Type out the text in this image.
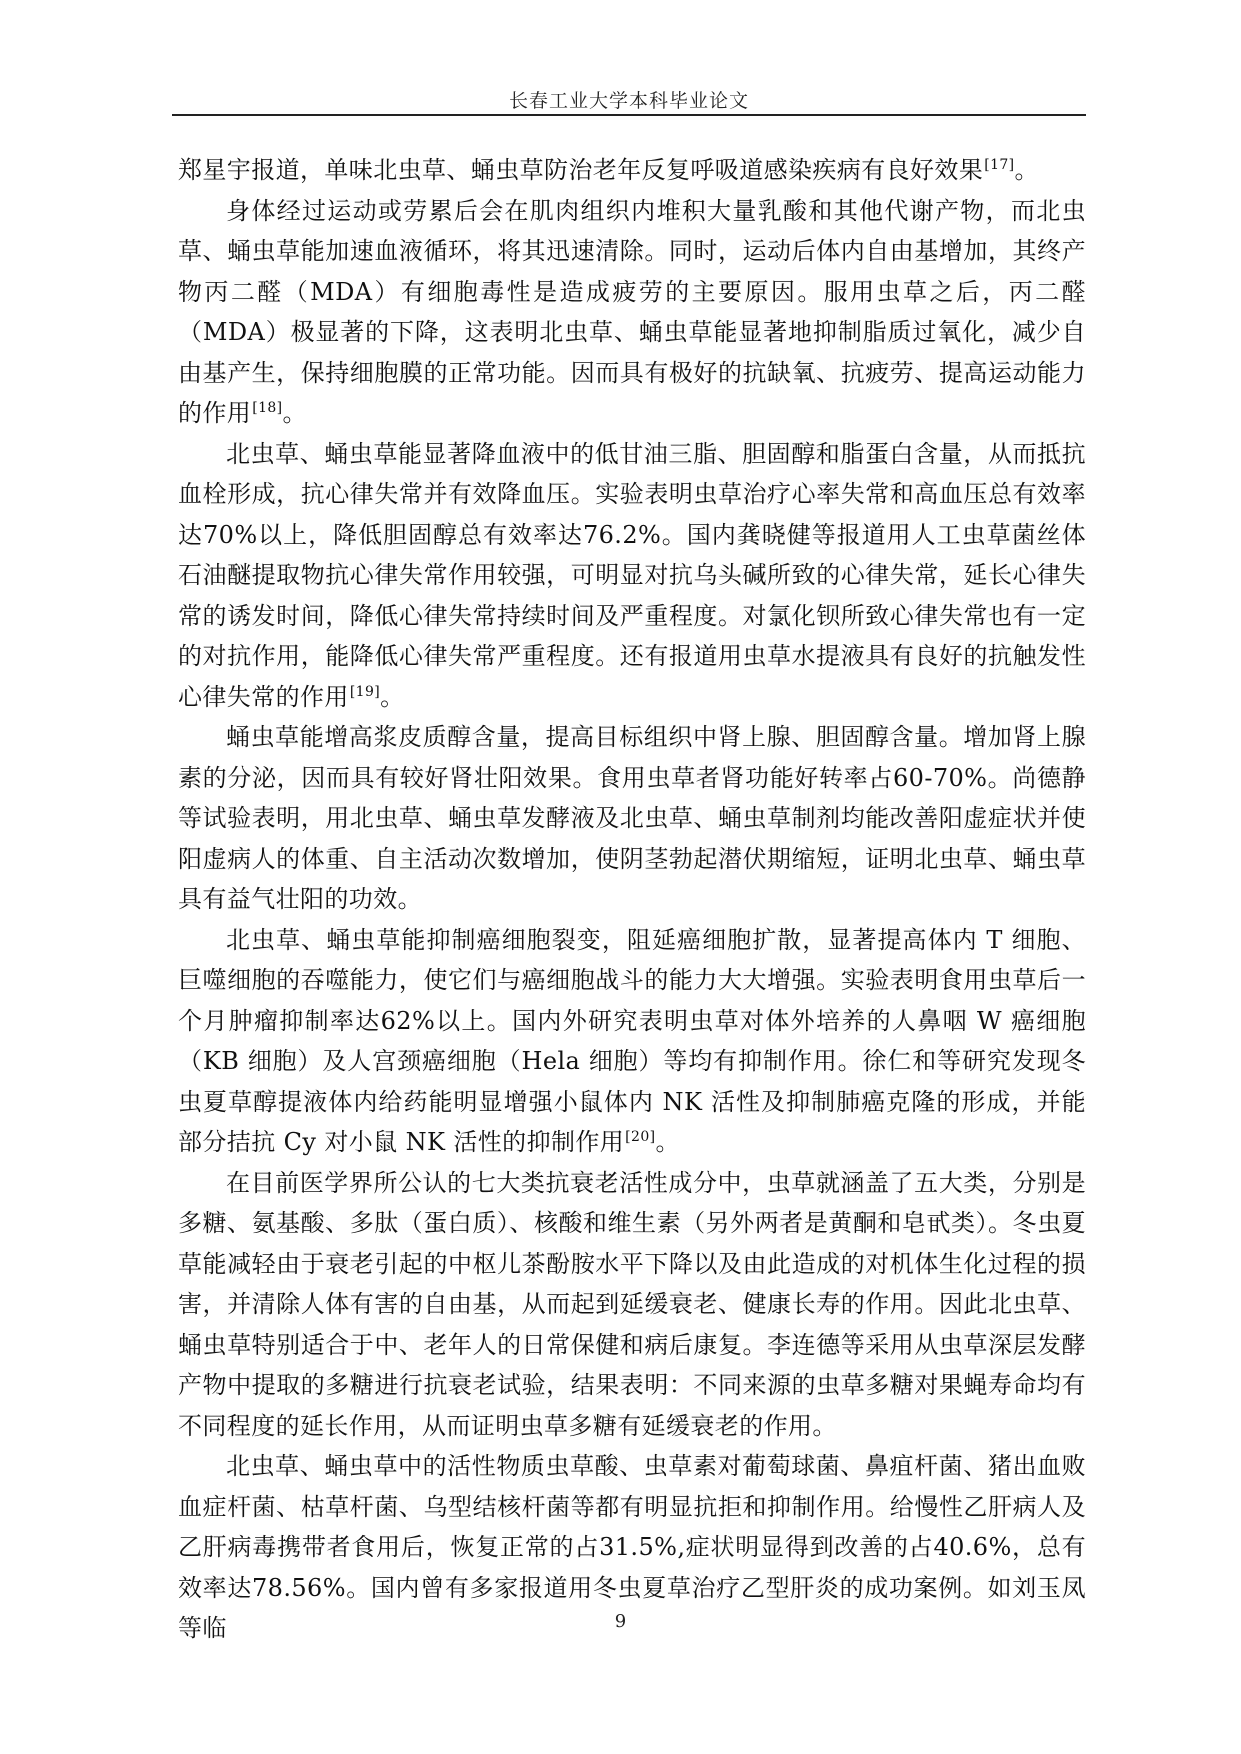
长春工业大学本科毕业论文

郑星宇报道，单味北虫草、蛹虫草防治老年反复呼吸道感染疾病有良好效果[17]。

身体经过运动或劳累后会在肌肉组织内堆积大量乳酸和其他代谢产物，而北虫草、蛹虫草能加速血液循环，将其迅速清除。同时，运动后体内自由基增加，其终产物丙二醛（MDA）有细胞毒性是造成疲劳的主要原因。服用虫草之后，丙二醛（MDA）极显著的下降，这表明北虫草、蛹虫草能显著地抑制脂质过氧化，减少自由基产生，保持细胞膜的正常功能。因而具有极好的抗缺氧、抗疲劳、提高运动能力的作用[18]。

北虫草、蛹虫草能显著降血液中的低甘油三脂、胆固醇和脂蛋白含量，从而抵抗血栓形成，抗心律失常并有效降血压。实验表明虫草治疗心率失常和高血压总有效率达70%以上，降低胆固醇总有效率达76.2%。国内龚晓健等报道用人工虫草菌丝体石油醚提取物抗心律失常作用较强，可明显对抗乌头碱所致的心律失常，延长心律失常的诱发时间，降低心律失常持续时间及严重程度。对氯化钡所致心律失常也有一定的对抗作用，能降低心律失常严重程度。还有报道用虫草水提液具有良好的抗触发性心律失常的作用[19]。

蛹虫草能增高浆皮质醇含量，提高目标组织中肾上腺、胆固醇含量。增加肾上腺素的分泌，因而具有较好肾壮阳效果。食用虫草者肾功能好转率占60-70%。尚德静等试验表明，用北虫草、蛹虫草发酵液及北虫草、蛹虫草制剂均能改善阳虚症状并使阳虚病人的体重、自主活动次数增加，使阴茎勃起潜伏期缩短，证明北虫草、蛹虫草具有益气壮阳的功效。

北虫草、蛹虫草能抑制癌细胞裂变，阻延癌细胞扩散，显著提高体内 T 细胞、巨噬细胞的吞噬能力，使它们与癌细胞战斗的能力大大增强。实验表明食用虫草后一个月肿瘤抑制率达62%以上。国内外研究表明虫草对体外培养的人鼻咽 W 癌细胞（KB 细胞）及人宫颈癌细胞（Hela 细胞）等均有抑制作用。徐仁和等研究发现冬虫夏草醇提液体内给药能明显增强小鼠体内 NK 活性及抑制肺癌克隆的形成，并能部分拮抗 Cy 对小鼠 NK 活性的抑制作用[20]。

在目前医学界所公认的七大类抗衰老活性成分中，虫草就涵盖了五大类，分别是多糖、氨基酸、多肽（蛋白质）、核酸和维生素（另外两者是黄酮和皂甙类）。冬虫夏草能减轻由于衰老引起的中枢儿茶酚胺水平下降以及由此造成的对机体生化过程的损害，并清除人体有害的自由基，从而起到延缓衰老、健康长寿的作用。因此北虫草、蛹虫草特别适合于中、老年人的日常保健和病后康复。李连德等采用从虫草深层发酵产物中提取的多糖进行抗衰老试验，结果表明：不同来源的虫草多糖对果蝇寿命均有不同程度的延长作用，从而证明虫草多糖有延缓衰老的作用。

北虫草、蛹虫草中的活性物质虫草酸、虫草素对葡萄球菌、鼻疽杆菌、猪出血败血症杆菌、枯草杆菌、乌型结核杆菌等都有明显抗拒和抑制作用。给慢性乙肝病人及乙肝病毒携带者食用后，恢复正常的占31.5%,症状明显得到改善的占40.6%，总有效率达78.56%。国内曾有多家报道用冬虫夏草治疗乙型肝炎的成功案例。如刘玉凤等临	9
